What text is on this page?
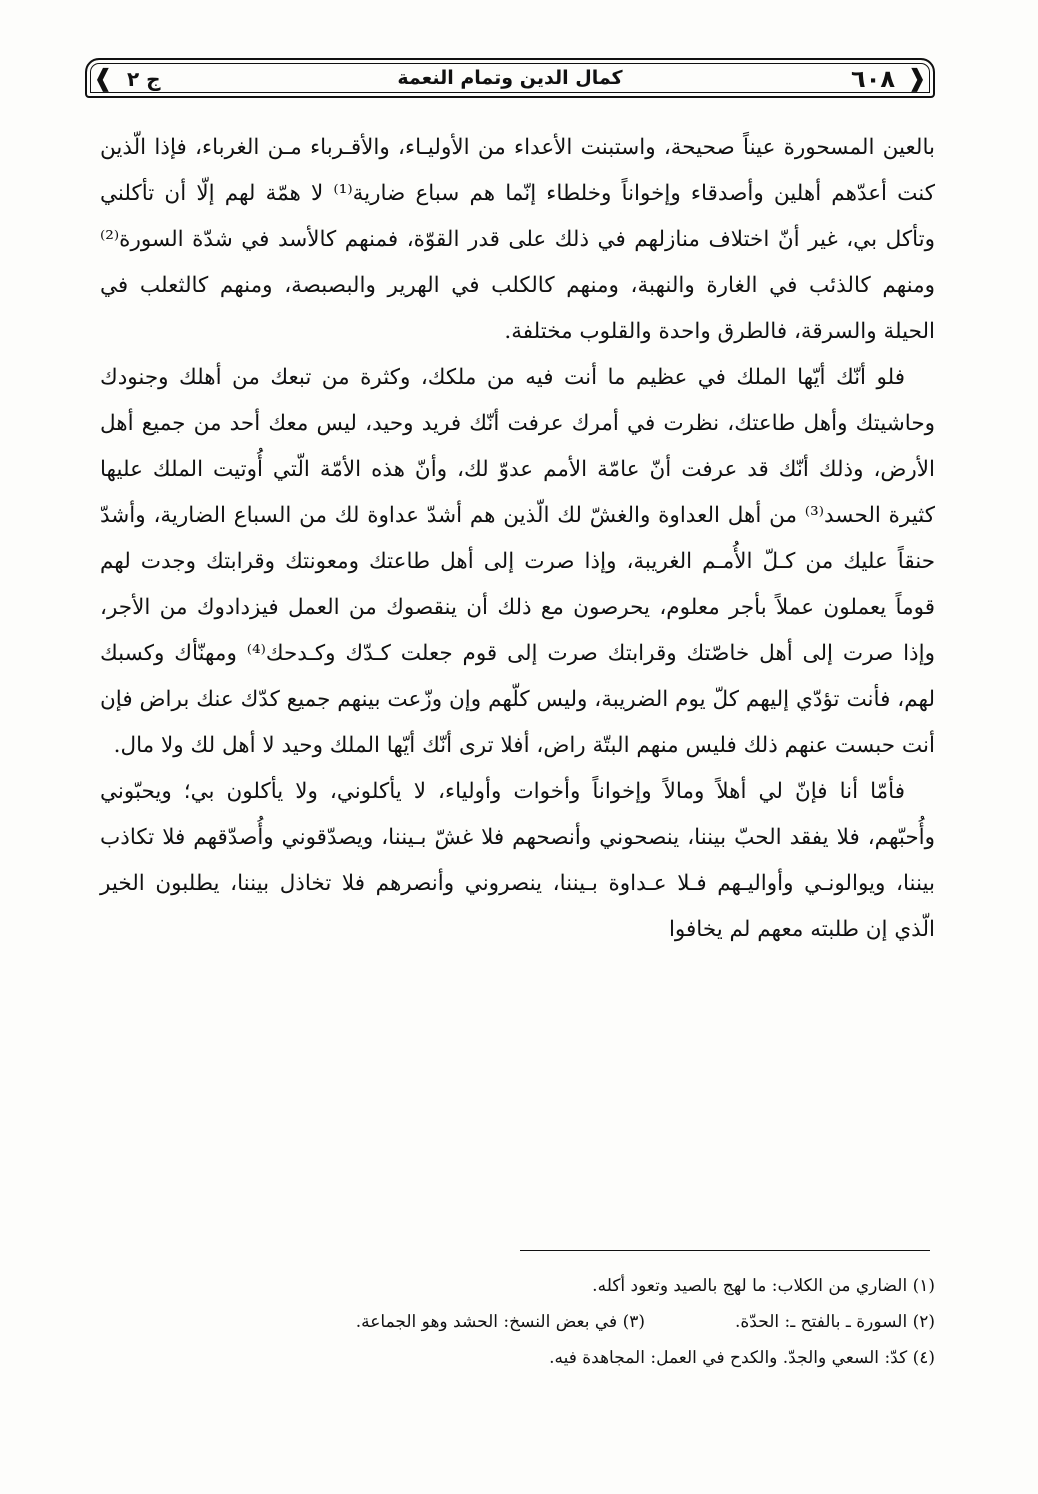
❰
٦٠٨
كمال الدين وتمام النعمة
ج ٢
❱

بالعين المسحورة عيناً صحيحة، واستبنت الأعداء من الأوليـاء، والأقـرباء مـن الغرباء، فإذا الّذين كنت أعدّهم أهلين وأصدقاء وإخواناً وخلطاء إنّما هم سباع ضارية⁽¹⁾ لا همّة لهم إلّا أن تأكلني وتأكل بي، غير أنّ اختلاف منازلهم في ذلك على قدر القوّة، فمنهم كالأسد في شدّة السورة⁽²⁾ ومنهم كالذئب في الغارة والنهبة، ومنهم كالكلب في الهرير والبصبصة، ومنهم كالثعلب في الحيلة والسرقة، فالطرق واحدة والقلوب مختلفة.

فلو أنّك أيّها الملك في عظيم ما أنت فيه من ملكك، وكثرة من تبعك من أهلك وجنودك وحاشيتك وأهل طاعتك، نظرت في أمرك عرفت أنّك فريد وحيد، ليس معك أحد من جميع أهل الأرض، وذلك أنّك قد عرفت أنّ عامّة الأمم عدوّ لك، وأنّ هذه الأمّة الّتي أُوتيت الملك عليها كثيرة الحسد⁽³⁾ من أهل العداوة والغشّ لك الّذين هم أشدّ عداوة لك من السباع الضارية، وأشدّ حنقاً عليك من كـلّ الأُمـم الغريبة، وإذا صرت إلى أهل طاعتك ومعونتك وقرابتك وجدت لهم قوماً يعملون عملاً بأجر معلوم، يحرصون مع ذلك أن ينقصوك من العمل فيزدادوك من الأجر، وإذا صرت إلى أهل خاصّتك وقرابتك صرت إلى قوم جعلت كـدّك وكـدحك⁽⁴⁾ ومهنّأك وكسبك لهم، فأنت تؤدّي إليهم كلّ يوم الضريبة، وليس كلّهم وإن وزّعت بينهم جميع كدّك عنك براض فإن أنت حبست عنهم ذلك فليس منهم البتّة راض، أفلا ترى أنّك أيّها الملك وحيد لا أهل لك ولا مال.

فأمّا أنا فإنّ لي أهلاً ومالاً وإخواناً وأخوات وأولياء، لا يأكلوني، ولا يأكلون بي؛ ويحبّوني وأُحبّهم، فلا يفقد الحبّ بيننا، ينصحوني وأنصحهم فلا غشّ بـيننا، ويصدّقوني وأُصدّقهم فلا تكاذب بيننا، ويوالونـي وأواليـهم فـلا عـداوة بـيننا، ينصروني وأنصرهم فلا تخاذل بيننا، يطلبون الخير الّذي إن طلبته معهم لم يخافوا

(١) الضاري من الكلاب: ما لهج بالصيد وتعود أكله.
(٢) السورة ـ بالفتح ـ: الحدّة.
(٣) في بعض النسخ: الحشد وهو الجماعة.
(٤) كدّ: السعي والجدّ. والكدح في العمل: المجاهدة فيه.
